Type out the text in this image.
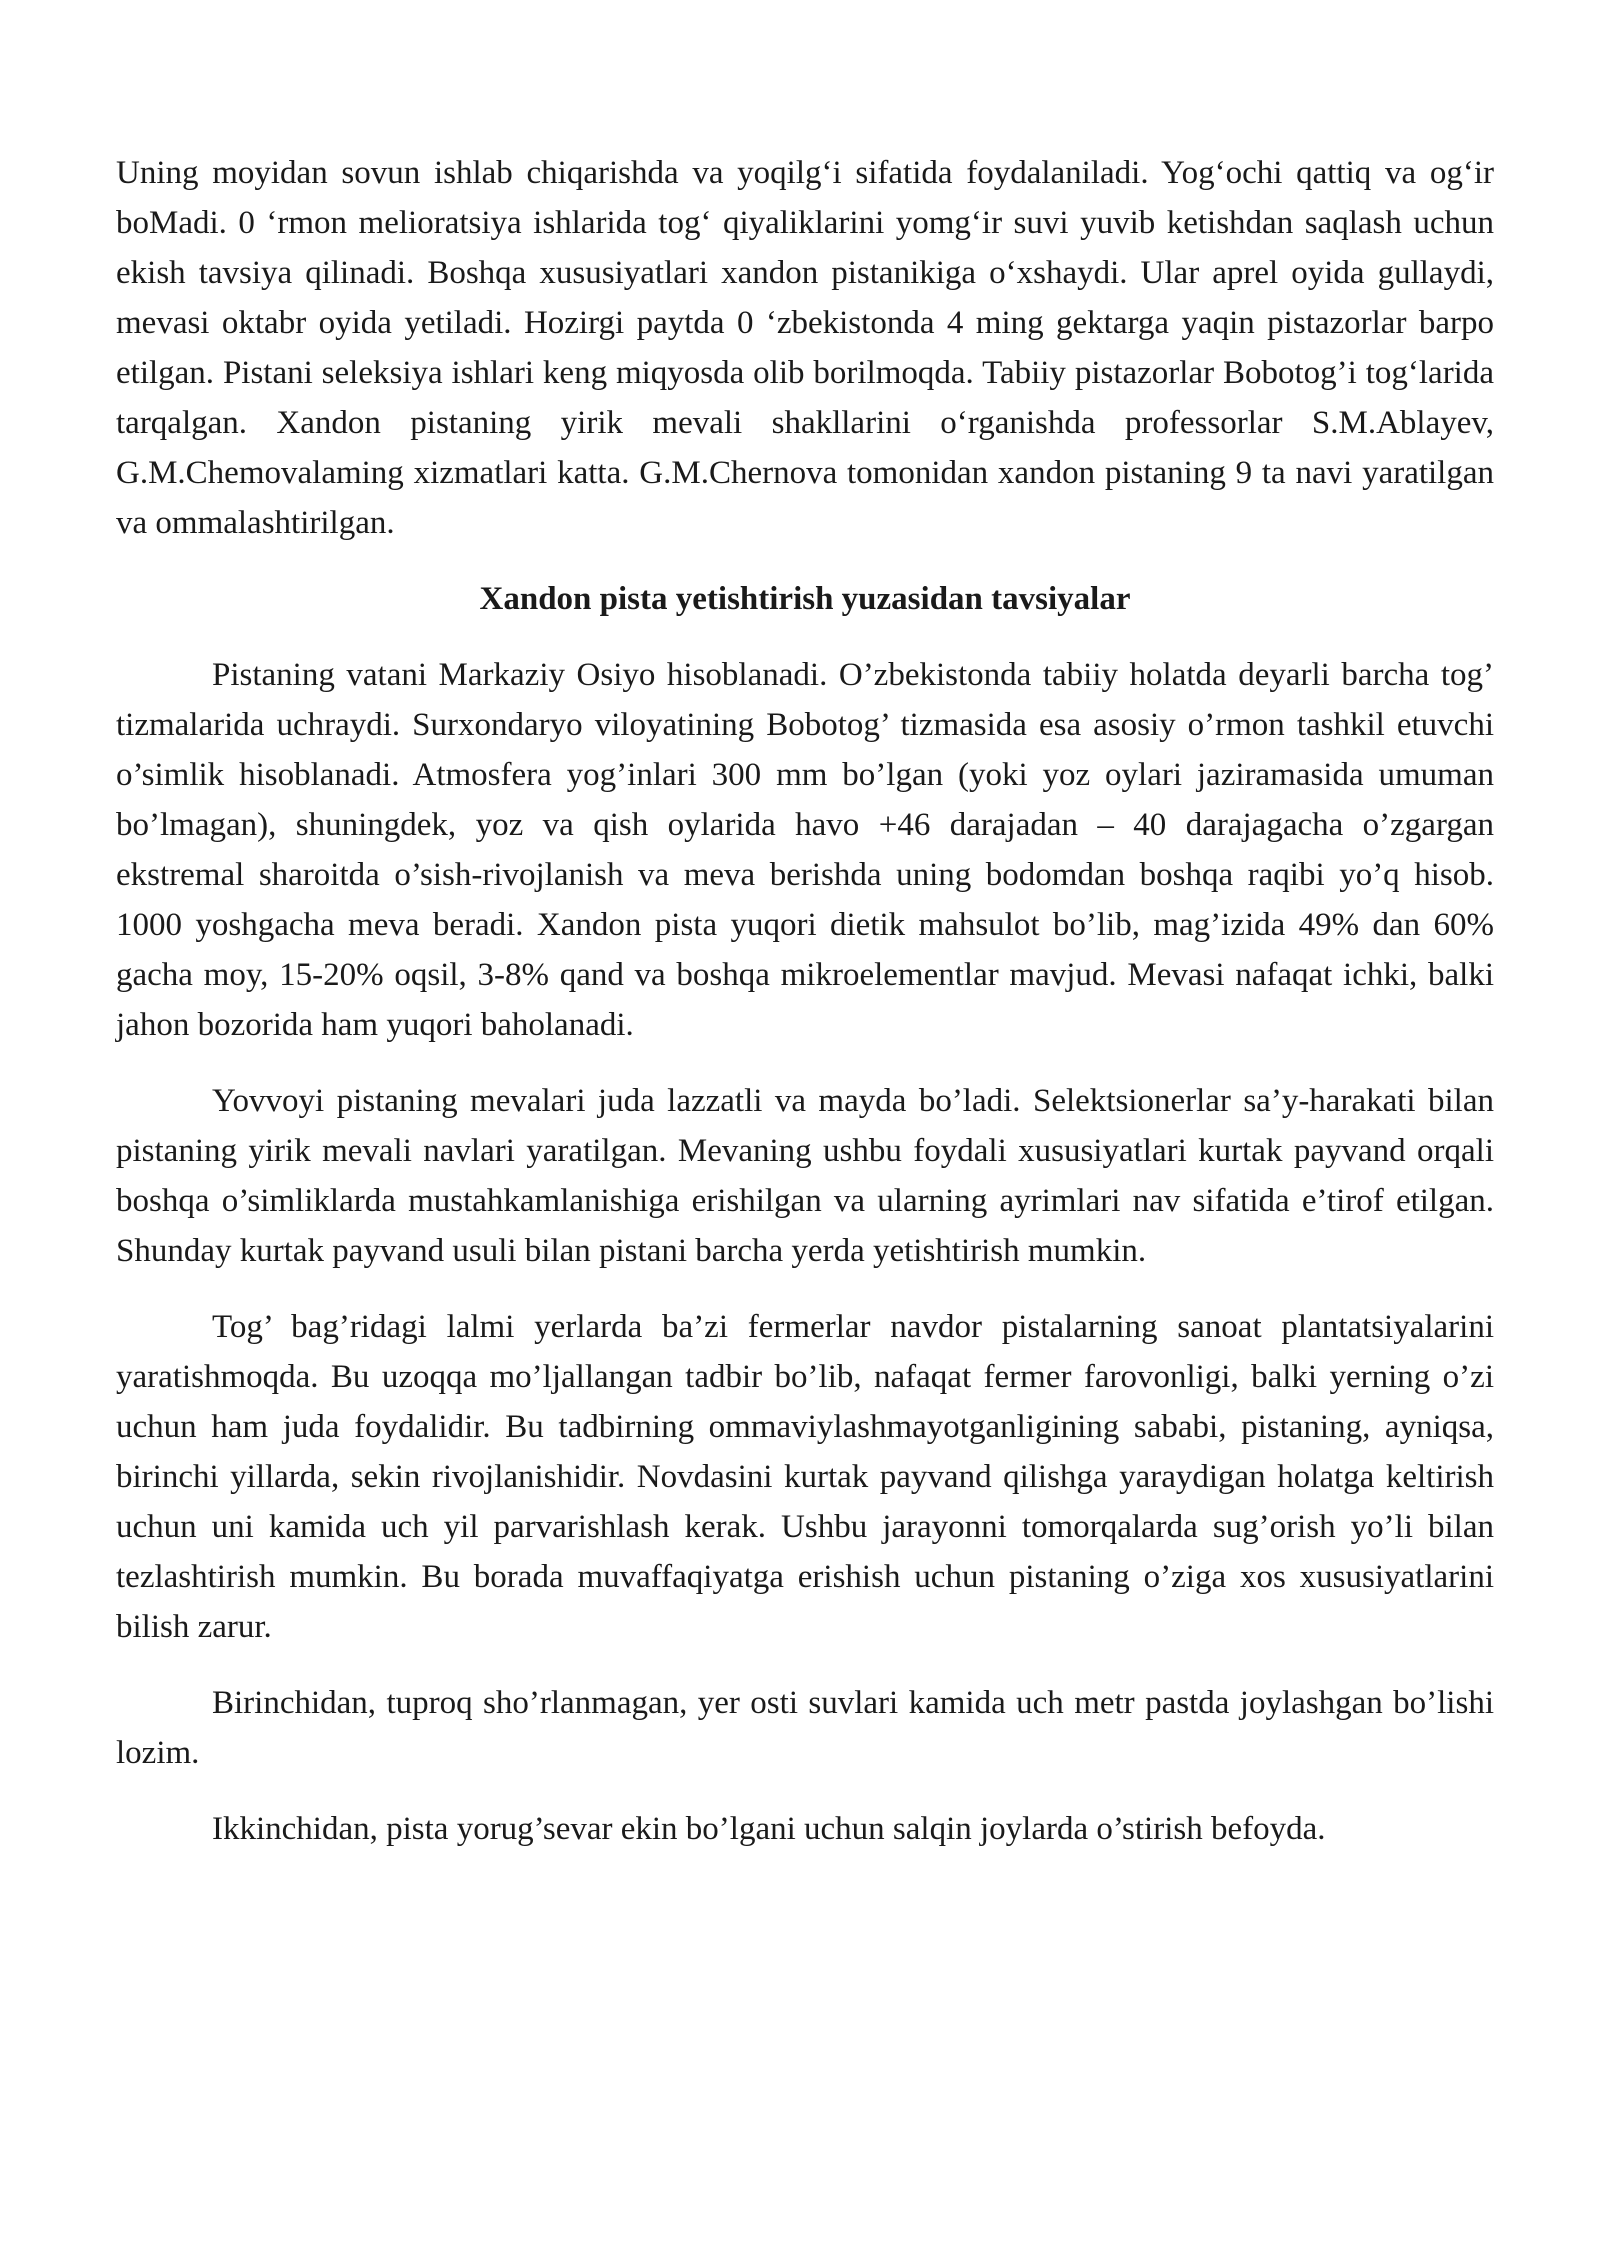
Uning moyidan sovun ishlab chiqarishda va yoqilg‘i sifatida foydalaniladi. Yog‘ochi qattiq va og‘ir boMadi. 0 ‘rmon melioratsiya ishlarida tog‘ qiyaliklarini yomg‘ir suvi yuvib ketishdan saqlash uchun ekish tavsiya qilinadi. Boshqa xususiyatlari xandon pistanikiga o‘xshaydi. Ular aprel oyida gullaydi, mevasi oktabr oyida yetiladi. Hozirgi paytda 0 ‘zbekistonda 4 ming gektarga yaqin pistazorlar barpo etilgan. Pistani seleksiya ishlari keng miqyosda olib borilmoqda. Tabiiy pistazorlar Bobotog’i tog‘larida tarqalgan. Xandon pistaning yirik mevali shakllarini o‘rganishda professorlar S.M.Ablayev, G.M.Chemovalaming xizmatlari katta. G.M.Chernova tomonidan xandon pistaning 9 ta navi yaratilgan va ommalashtirilgan.

Xandon pista yetishtirish yuzasidan tavsiyalar

Pistaning vatani Markaziy Osiyo hisoblanadi. O’zbekistonda tabiiy holatda deyarli barcha tog’ tizmalarida uchraydi. Surxondaryo viloyatining Bobotog’ tizmasida esa asosiy o’rmon tashkil etuvchi o’simlik hisoblanadi. Atmosfera yog’inlari 300 mm bo’lgan (yoki yoz oylari jaziramasida umuman bo’lmagan), shuningdek, yoz va qish oylarida havo +46 darajadan – 40 darajagacha o’zgargan ekstremal sharoitda o’sish-rivojlanish va meva berishda uning bodomdan boshqa raqibi yo’q hisob. 1000 yoshgacha meva beradi. Xandon pista yuqori dietik mahsulot bo’lib, mag’izida 49% dan 60% gacha moy, 15-20% oqsil, 3-8% qand va boshqa mikroelementlar mavjud. Mevasi nafaqat ichki, balki jahon bozorida ham yuqori baholanadi.

Yovvoyi pistaning mevalari juda lazzatli va mayda bo’ladi. Selektsionerlar sa’y-harakati bilan pistaning yirik mevali navlari yaratilgan. Mevaning ushbu foydali xususiyatlari kurtak payvand orqali boshqa o’simliklarda mustahkamlanishiga erishilgan va ularning ayrimlari nav sifatida e’tirof etilgan. Shunday kurtak payvand usuli bilan pistani barcha yerda yetishtirish mumkin.

Tog’ bag’ridagi lalmi yerlarda ba’zi fermerlar navdor pistalarning sanoat plantatsiyalarini yaratishmoqda. Bu uzoqqa mo’ljallangan tadbir bo’lib, nafaqat fermer farovonligi, balki yerning o’zi uchun ham juda foydalidir. Bu tadbirning ommaviylashmayotganligining sababi, pistaning, ayniqsa, birinchi yillarda, sekin rivojlanishidir. Novdasini kurtak payvand qilishga yaraydigan holatga keltirish uchun uni kamida uch yil parvarishlash kerak. Ushbu jarayonni tomorqalarda sug’orish yo’li bilan tezlashtirish mumkin. Bu borada muvaffaqiyatga erishish uchun pistaning o’ziga xos xususiyatlarini bilish zarur.

Birinchidan, tuproq sho’rlanmagan, yer osti suvlari kamida uch metr pastda joylashgan bo’lishi lozim.

Ikkinchidan, pista yorug’sevar ekin bo’lgani uchun salqin joylarda o’stirish befoyda.
